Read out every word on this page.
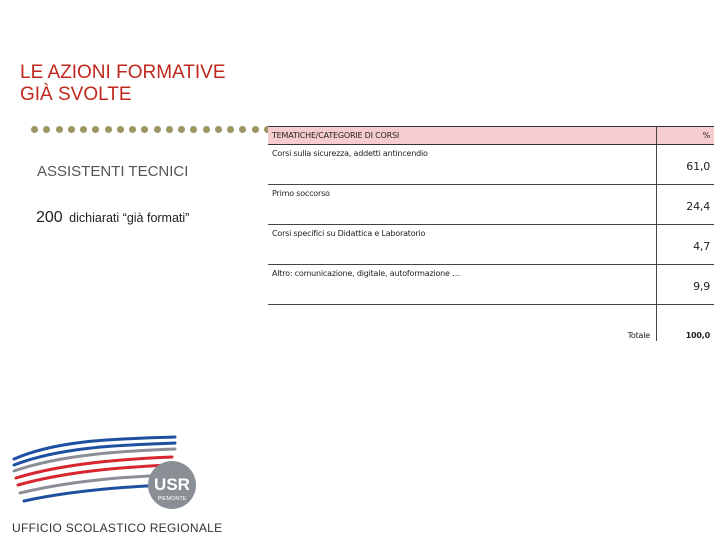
LE AZIONI FORMATIVE
GIÀ SVOLTE
ASSISTENTI TECNICI
200 dichiarati “già formati”
TEMATICHE/CATEGORIE DI CORSI	%
Corsi sulla sicurezza, addetti antincendio	61,0
Primo soccorso	24,4
Corsi specifici su Didattica e Laboratorio	4,7
Altro: comunicazione, digitale, autoformazione …	9,9
Totale	100,0
USR
PIEMONTE
UFFICIO SCOLASTICO REGIONALE
